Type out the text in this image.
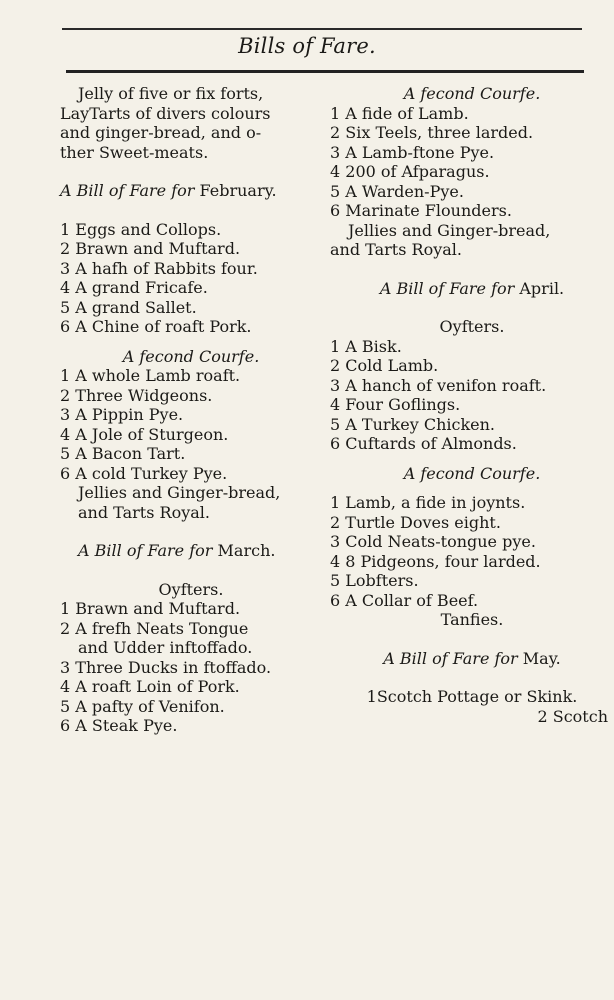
Bills of Fare.
Jelly of five or fix forts,
LayTarts of divers colours
and ginger-bread, and o-
ther Sweet-meats.
A Bill of Fare for February.
1 Eggs and Collops.
2 Brawn and Muftard.
3 A hafh of Rabbits four.
4 A grand Fricafe.
5 A grand Sallet.
6 A Chine of roaft Pork.
A fecond Courfe.
1 A whole Lamb roaft.
2 Three Widgeons.
3 A Pippin Pye.
4 A Jole of Sturgeon.
5 A Bacon Tart.
6 A cold Turkey Pye.
Jellies and Ginger-bread,
and Tarts Royal.
A Bill of Fare for March.
Oyfters.
1 Brawn and Muftard.
2 A frefh Neats Tongue
and Udder inftoffado.
3 Three Ducks in ftoffado.
4 A roaft Loin of Pork.
5 A pafty of Venifon.
6 A Steak Pye.
A fecond Courfe.
1 A fide of Lamb.
2 Six Teels, three larded.
3 A Lamb-ftone Pye.
4 200 of Afparagus.
5 A Warden-Pye.
6 Marinate Flounders.
Jellies and Ginger-bread,
and Tarts Royal.
A Bill of Fare for April.
Oyfters.
1 A Bisk.
2 Cold Lamb.
3 A hanch of venifon roaft.
4 Four Goflings.
5 A Turkey Chicken.
6 Cuftards of Almonds.
A fecond Courfe.
1 Lamb, a fide in joynts.
2 Turtle Doves eight.
3 Cold Neats-tongue pye.
4 8 Pidgeons, four larded.
5 Lobfters.
6 A Collar of Beef.
Tanfies.
A Bill of Fare for May.
1Scotch Pottage or Skink.
2 Scotch
